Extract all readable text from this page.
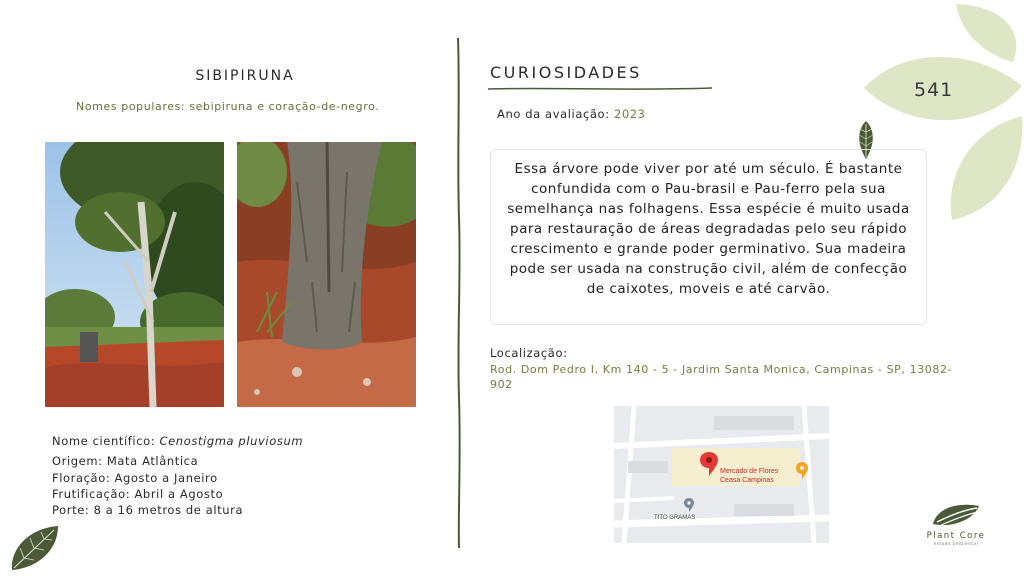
SIBIPIRUNA
Nomes populares: sebipiruna e coração-de-negro.
Nome científico: Cenostigma pluviosum
Origem: Mata Atlântica
Floração: Agosto a Janeiro
Frutificação: Abril a Agosto
Porte: 8 a 16 metros de altura
CURIOSIDADES
Ano da avaliação: 2023
Essa árvore pode viver por até um século. É bastante confundida com o Pau-brasil e Pau-ferro pela sua semelhança nas folhagens. Essa espécie é muito usada para restauração de áreas degradadas pelo seu rápido crescimento e grande poder germinativo. Sua madeira pode ser usada na construção civil, além de confecção de caixotes, moveis e até carvão.
Localização:
Rod. Dom Pedro I, Km 140 - 5 - Jardim Santa Monica, Campinas - SP, 13082-902
Mercado de Flores
Ceasa Campinas
TITO GRAMAS
541
Plant Core
estudo ambiental
